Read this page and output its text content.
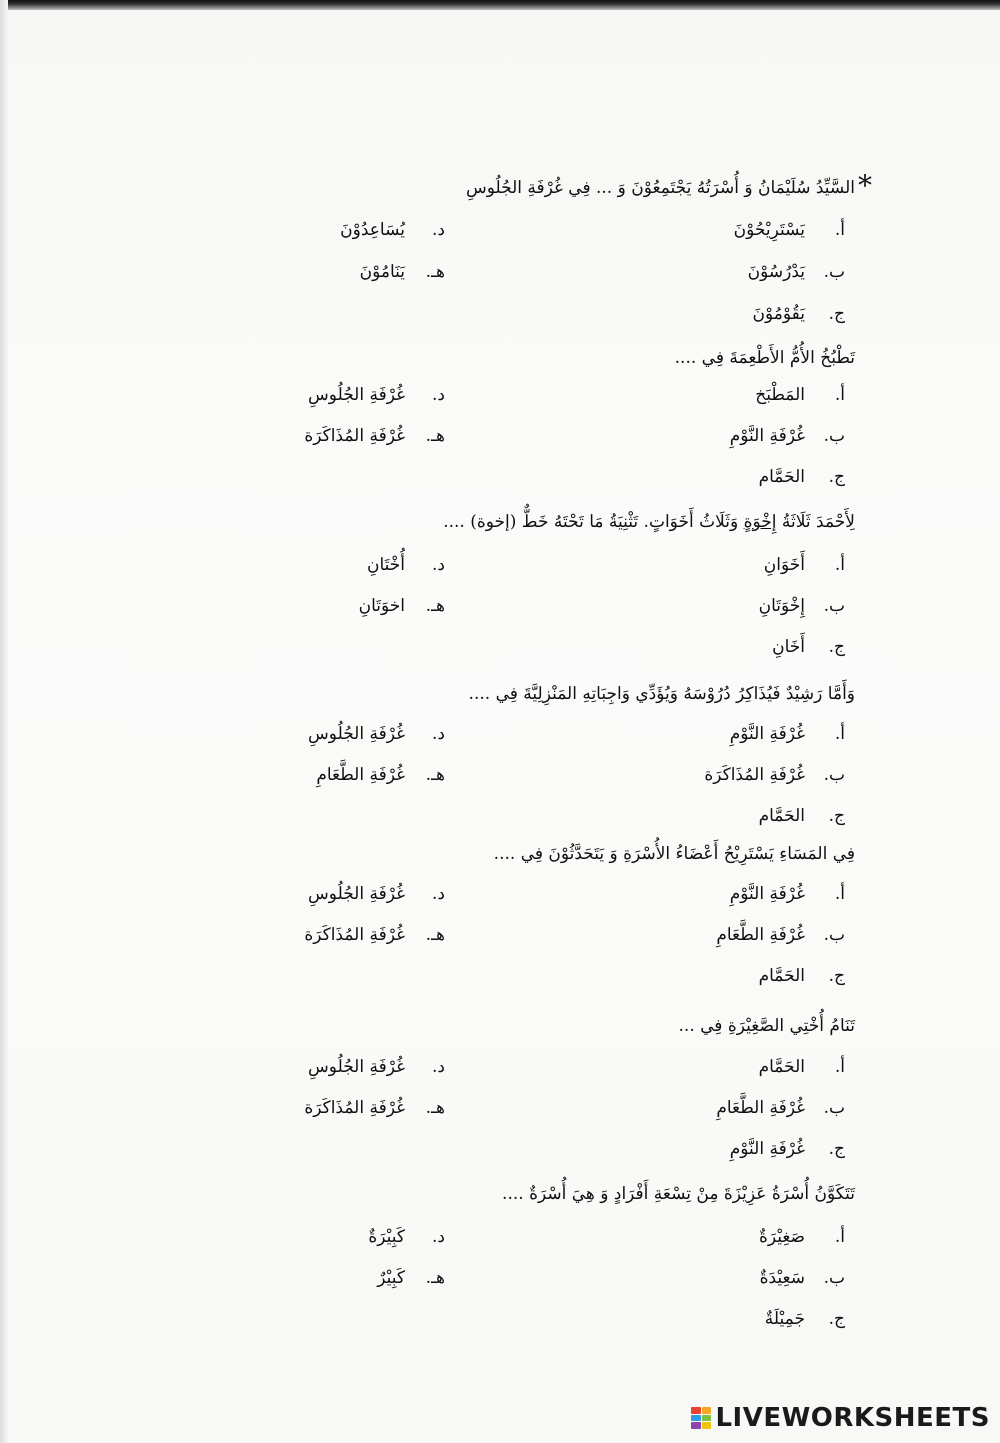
*
السَّيِّدُ سُلَيْمَانُ وَ أُسْرَتُهُ يَجْتَمِعُوْنَ وَ ... فِي غُرْفَةِ الجُلُوسِ
أ.يَسْتَرِيْحُوْنَ
ب.يَدْرُسُوْنَ
ج.يَقُوْمُوْنَ
د.يُسَاعِدُوْنَ
هـ.يَنَامُوْنَ
تَطْبُخُ الأُمُّ الأَطْعِمَةَ فِي ....
أ.المَطْبَخ
ب.غُرْفَةِ النَّوْمِ
ج.الحَمَّام
د.غُرْفَةِ الجُلُوسِ
هـ.غُرْفَةِ المُذَاكَرَة
لِأَحْمَدَ ثَلَاثَةُ إِخْوَةٍ وَثَلَاثُ أَخَوَاتٍ. تَثْنِيَةُ مَا تَحْتَهُ خَطٌّ (إخوة) ....
أ.أَخَوَانِ
ب.إِخْوَتَانِ
ج.أَخَانِ
د.أُخْتَانِ
هـ.اخوَتَانِ
وَأَمَّا رَشِيْدٌ فَيُذَاكِرُ دُرُوْسَهُ وَيُؤَدِّي وَاجِبَاتِهِ المَنْزِلِيَّةَ فِي ....
أ.غُرْفَةِ النَّوْمِ
ب.غُرْفَةِ المُذَاكَرَة
ج.الحَمَّام
د.غُرْفَةِ الجُلُوسِ
هـ.غُرْفَةِ الطَّعَامِ
فِي المَسَاءِ يَسْتَرِيْحُ أَعْضَاءُ الأُسْرَةِ وَ يَتَحَدَّثُوْنَ فِي ....
أ.غُرْفَةِ النَّوْمِ
ب.غُرْفَةِ الطَّعَامِ
ج.الحَمَّام
د.غُرْفَةِ الجُلُوسِ
هـ.غُرْفَةِ المُذَاكَرَة
تَنَامُ أُخْتِي الصَّغِيْرَةِ فِي ...
أ.الحَمَّام
ب.غُرْفَةِ الطَّعَامِ
ج.غُرْفَةِ النَّوْمِ
د.غُرْفَةِ الجُلُوسِ
هـ.غُرْفَةِ المُذَاكَرَة
تَتَكَوَّنُ أُسْرَةُ عَزِيْزَةَ مِنْ تِسْعَةِ أَفْرَادٍ وَ هِيَ أُسْرَةٌ ....
أ.صَغِيْرَةٌ
ب.سَعِيْدَةٌ
ج.جَمِيْلَةٌ
د.كَبِيْرَةٌ
هـ.كَبِيْرٌ
LIVEWORKSHEETS
